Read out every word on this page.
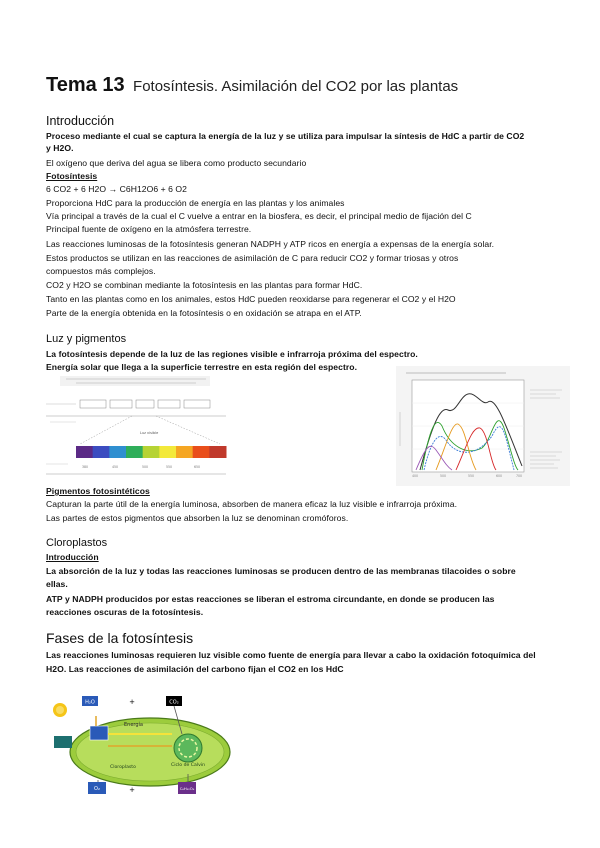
Tema 13 Fotosíntesis. Asimilación del CO2 por las plantas
Introducción
Proceso mediante el cual se captura la energía de la luz y se utiliza para impulsar la síntesis de HdC a partir de CO2
y H2O.
El oxígeno que deriva del agua se libera como producto secundario
Fotosíntesis
6 CO2 + 6 H2O → C6H12O6 + 6 O2
Proporciona HdC para la producción de energía en las plantas y los animales
Vía principal a través de la cual el C vuelve a entrar en la biosfera, es decir, el principal medio de fijación del C
Principal fuente de oxígeno en la atmósfera terrestre.
Las reacciones luminosas de la fotosíntesis generan NADPH y ATP ricos en energía a expensas de la energía solar.
Estos productos se utilizan en las reacciones de asimilación de C para reducir CO2 y formar triosas y otros
compuestos más complejos.
CO2 y H2O se combinan mediante la fotosíntesis en las plantas para formar HdC.
Tanto en las plantas como en los animales, estos HdC pueden reoxidarse para regenerar el CO2 y el H2O
Parte de la energía obtenida en la fotosíntesis o en oxidación se atrapa en el ATP.
Luz y pigmentos
La fotosíntesis depende de la luz de las regiones visible e infrarroja próxima del espectro.
Energía solar que llega a la superficie terrestre en esta región del espectro.
Luz visible
380	450	500	550	650
400	500	550	600	700
Pigmentos fotosintéticos
Capturan la parte útil de la energía luminosa, absorben de manera eficaz la luz visible e infrarroja próxima.
Las partes de estos pigmentos que absorben la luz se denominan cromóforos.
Cloroplastos
Introducción
La absorción de la luz y todas las reacciones luminosas se producen dentro de las membranas tilacoides o sobre
ellas.
ATP y NADPH producidos por estas reacciones se liberan el estroma circundante, en donde se producen las
reacciones oscuras de la fotosíntesis.
Fases de la fotosíntesis
Las reacciones luminosas requieren luz visible como fuente de energía para llevar a cabo la oxidación fotoquímica del
H2O. Las reacciones de asimilación del carbono fijan el CO2 en los HdC
H₂O	+	CO₂
Energía
Ciclo de Calvin
Cloroplasto
O₂	+	C₆H₁₂O₆
